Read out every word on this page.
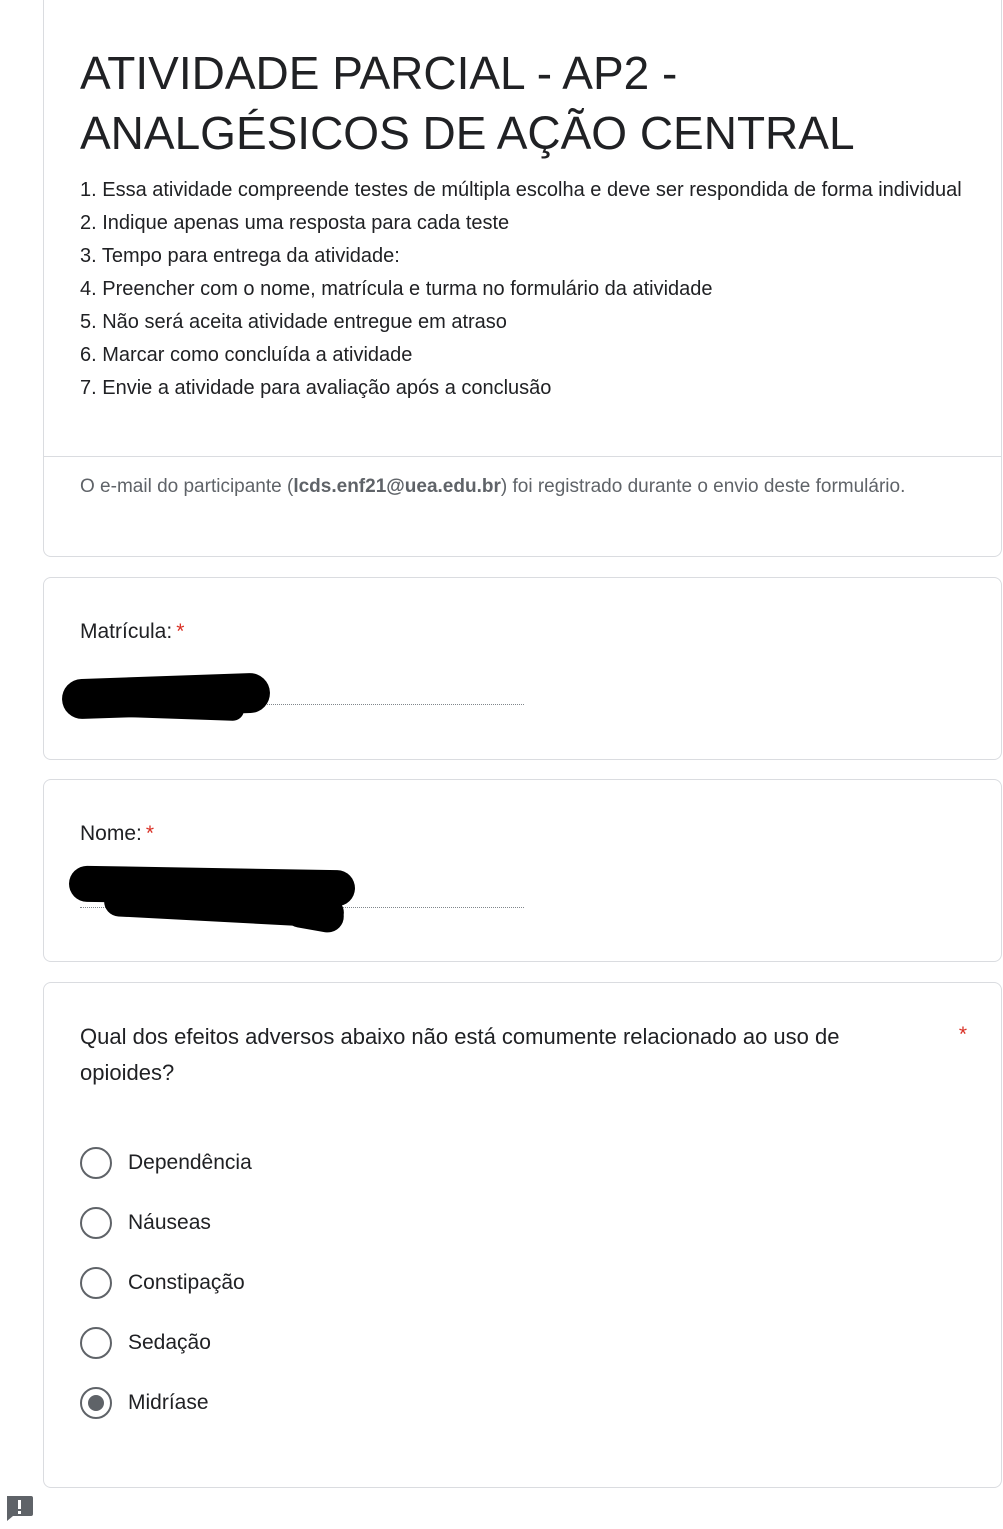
ATIVIDADE PARCIAL - AP2 - ANALGÉSICOS DE AÇÃO CENTRAL
1. Essa atividade compreende testes de múltipla escolha e deve ser respondida de forma individual
2. Indique apenas uma resposta para cada teste
3. Tempo para entrega da atividade:
4. Preencher com o nome, matrícula e turma no formulário da atividade
5. Não será aceita atividade entregue em atraso
6. Marcar como concluída a atividade
7. Envie a atividade para avaliação após a conclusão
O e-mail do participante (lcds.enf21@uea.edu.br) foi registrado durante o envio deste formulário.
Matrícula: *
Nome: *
Qual dos efeitos adversos abaixo não está comumente relacionado ao uso de opioides?
*
Dependência
Náuseas
Constipação
Sedação
Midríase
